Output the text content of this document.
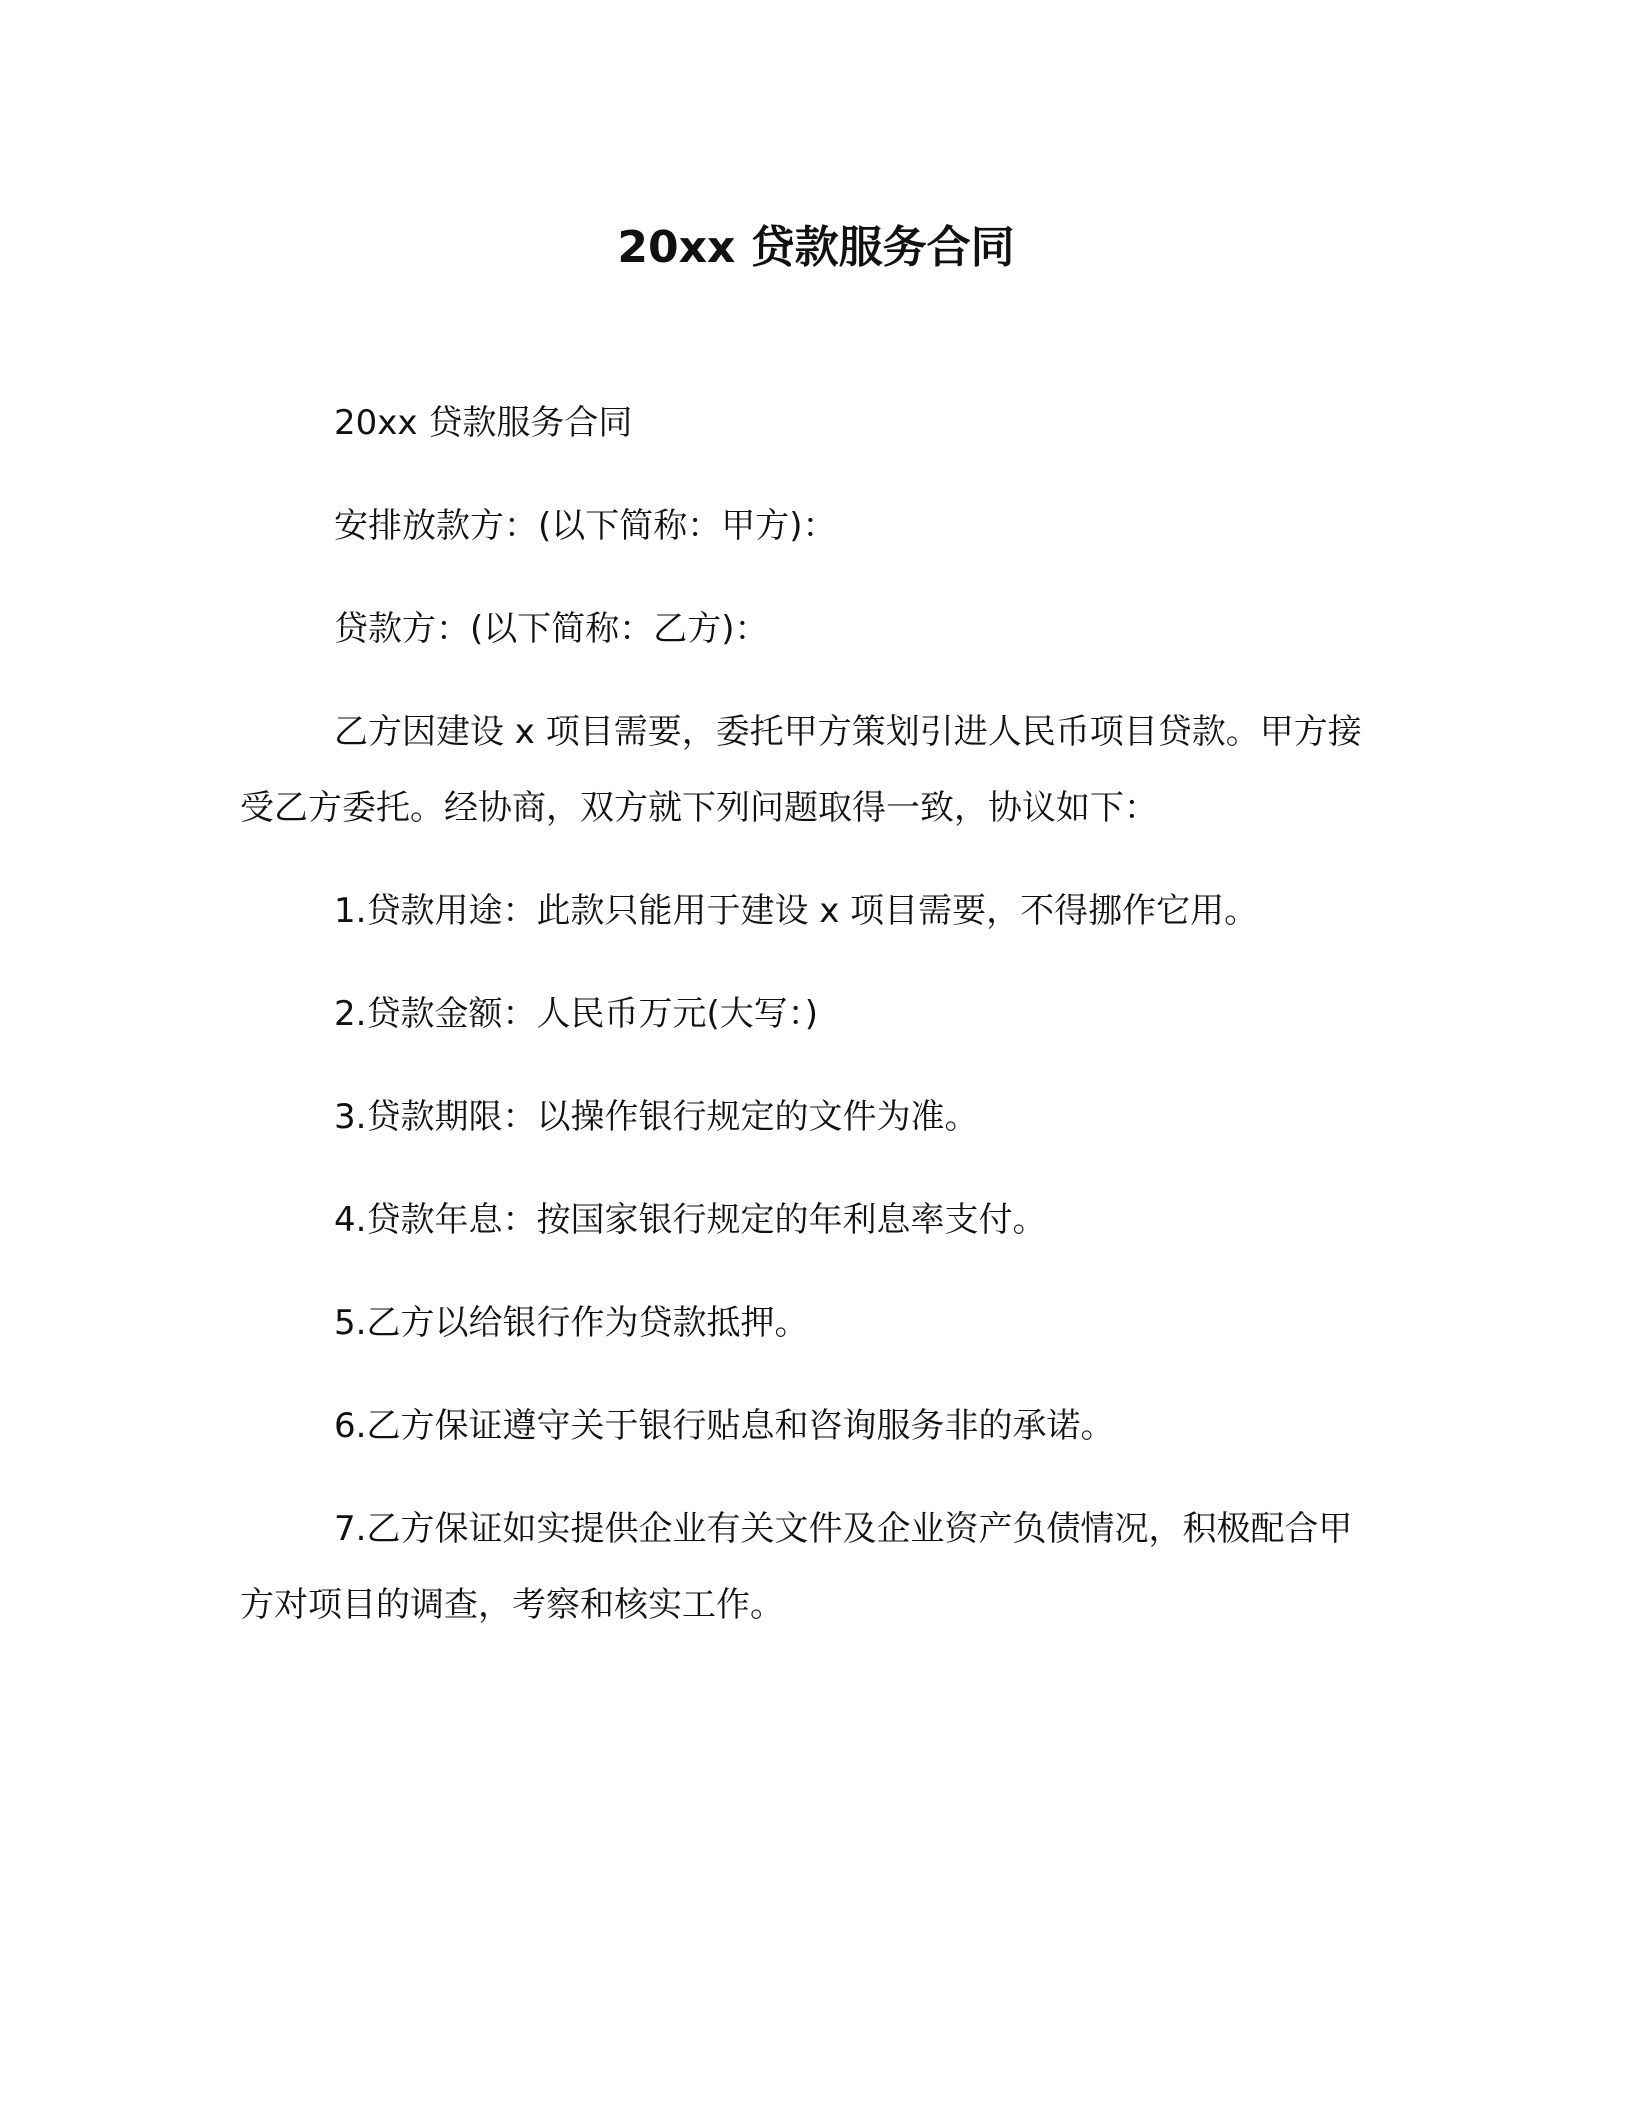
20xx 贷款服务合同

20xx 贷款服务合同

安排放款方：(以下简称：甲方)：

贷款方：(以下简称：乙方)：

乙方因建设 x 项目需要，委托甲方策划引进人民币项目贷款。甲方接受乙方委托。经协商，双方就下列问题取得一致，协议如下：

1.贷款用途：此款只能用于建设 x 项目需要，不得挪作它用。

2.贷款金额：人民币万元(大写：)

3.贷款期限：以操作银行规定的文件为准。

4.贷款年息：按国家银行规定的年利息率支付。

5.乙方以给银行作为贷款抵押。

6.乙方保证遵守关于银行贴息和咨询服务非的承诺。

7.乙方保证如实提供企业有关文件及企业资产负债情况，积极配合甲方对项目的调查，考察和核实工作。
